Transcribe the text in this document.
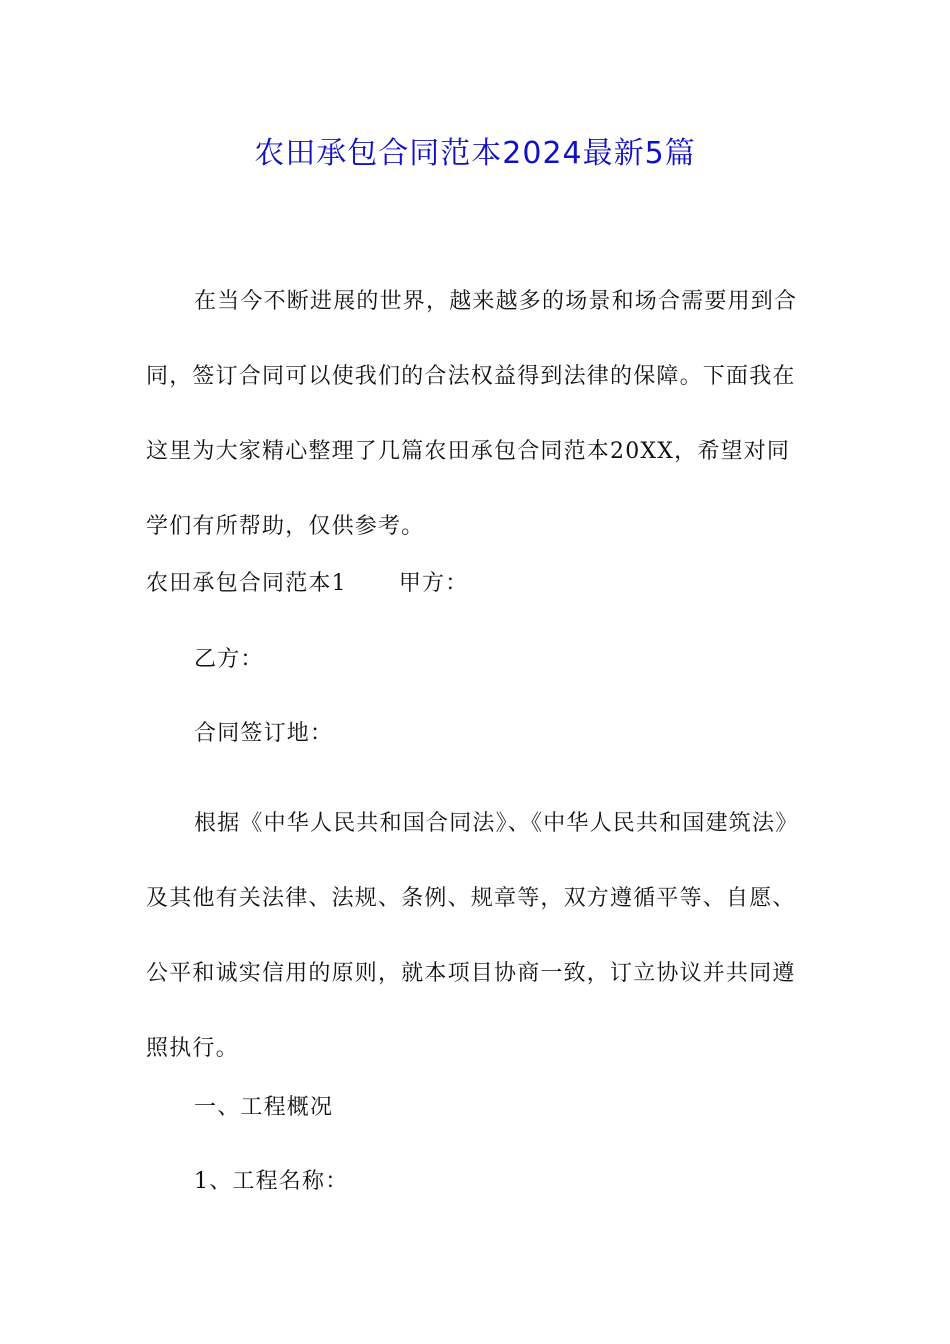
农田承包合同范本2024最新5篇
在当今不断进展的世界，越来越多的场景和场合需要用到合同，签订合同可以使我们的合法权益得到法律的保障。下面我在这里为大家精心整理了几篇农田承包合同范本20XX，希望对同学们有所帮助，仅供参考。
农田承包合同范本1 甲方：
乙方：
合同签订地：
根据《中华人民共和国合同法》、《中华人民共和国建筑法》及其他有关法律、法规、条例、规章等，双方遵循平等、自愿、公平和诚实信用的原则，就本项目协商一致，订立协议并共同遵照执行。
一、工程概况
1、工程名称：
